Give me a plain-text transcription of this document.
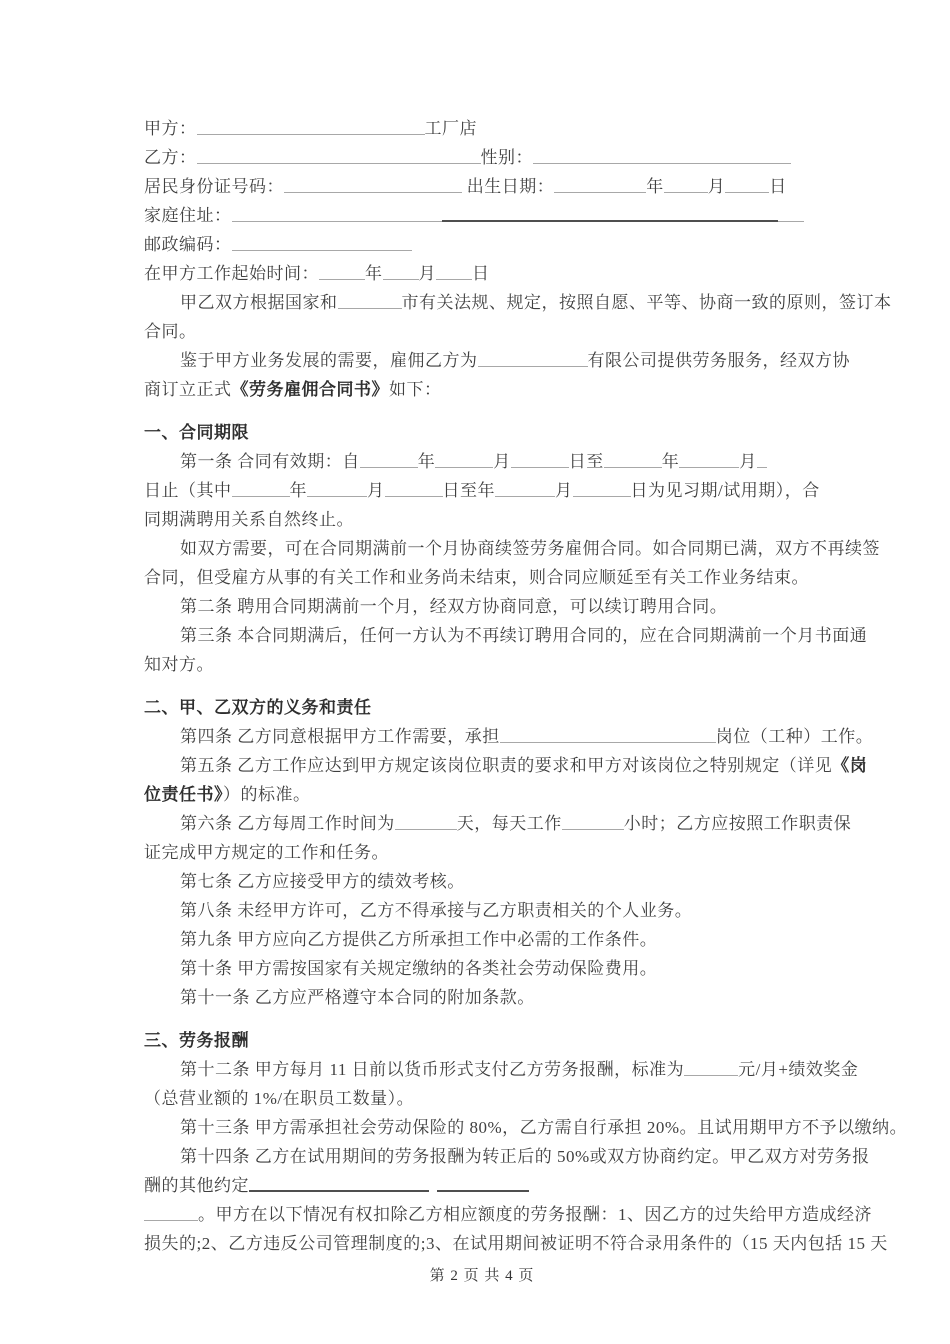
甲方：	工厂店
乙方：	性别：
居民身份证号码：	出生日期：	年	月	日
家庭住址：
邮政编码：
在甲方工作起始时间：	年 月 日
甲乙双方根据国家和	市有关法规、规定，按照自愿、平等、协商一致的原则，签订本
合同。
鉴于甲方业务发展的需要，雇佣乙方为	有限公司提供劳务服务，经双方协
商订立正式《劳务雇佣合同书》如下：
一、合同期限
第一条 合同有效期：自	年	月	日至	年	月
日止（其中	年	月	日至年	月	日为见习期/试用期），合
同期满聘用关系自然终止。
如双方需要，可在合同期满前一个月协商续签劳务雇佣合同。如合同期已满，双方不再续签
合同，但受雇方从事的有关工作和业务尚未结束，则合同应顺延至有关工作业务结束。
第二条 聘用合同期满前一个月，经双方协商同意，可以续订聘用合同。
第三条 本合同期满后，任何一方认为不再续订聘用合同的，应在合同期满前一个月书面通
知对方。
二、甲、乙双方的义务和责任
第四条 乙方同意根据甲方工作需要，承担	岗位（工种）工作。
第五条 乙方工作应达到甲方规定该岗位职责的要求和甲方对该岗位之特别规定（详见《岗
位责任书》）的标准。
第六条 乙方每周工作时间为	天，每天工作	小时；乙方应按照工作职责保
证完成甲方规定的工作和任务。
第七条 乙方应接受甲方的绩效考核。
第八条 未经甲方许可，乙方不得承接与乙方职责相关的个人业务。
第九条 甲方应向乙方提供乙方所承担工作中必需的工作条件。
第十条 甲方需按国家有关规定缴纳的各类社会劳动保险费用。
第十一条 乙方应严格遵守本合同的附加条款。
三、劳务报酬
第十二条 甲方每月 11 日前以货币形式支付乙方劳务报酬，标准为	元/月+绩效奖金
（总营业额的 1%/在职员工数量）。
第十三条 甲方需承担社会劳动保险的 80%，乙方需自行承担 20%。且试用期甲方不予以缴纳。
第十四条 乙方在试用期间的劳务报酬为转正后的 50%或双方协商约定。甲乙双方对劳务报
酬的其他约定
。甲方在以下情况有权扣除乙方相应额度的劳务报酬：1、因乙方的过失给甲方造成经济
损失的;2、乙方违反公司管理制度的;3、在试用期间被证明不符合录用条件的（15 天内包括 15 天
第 2 页 共 4 页
